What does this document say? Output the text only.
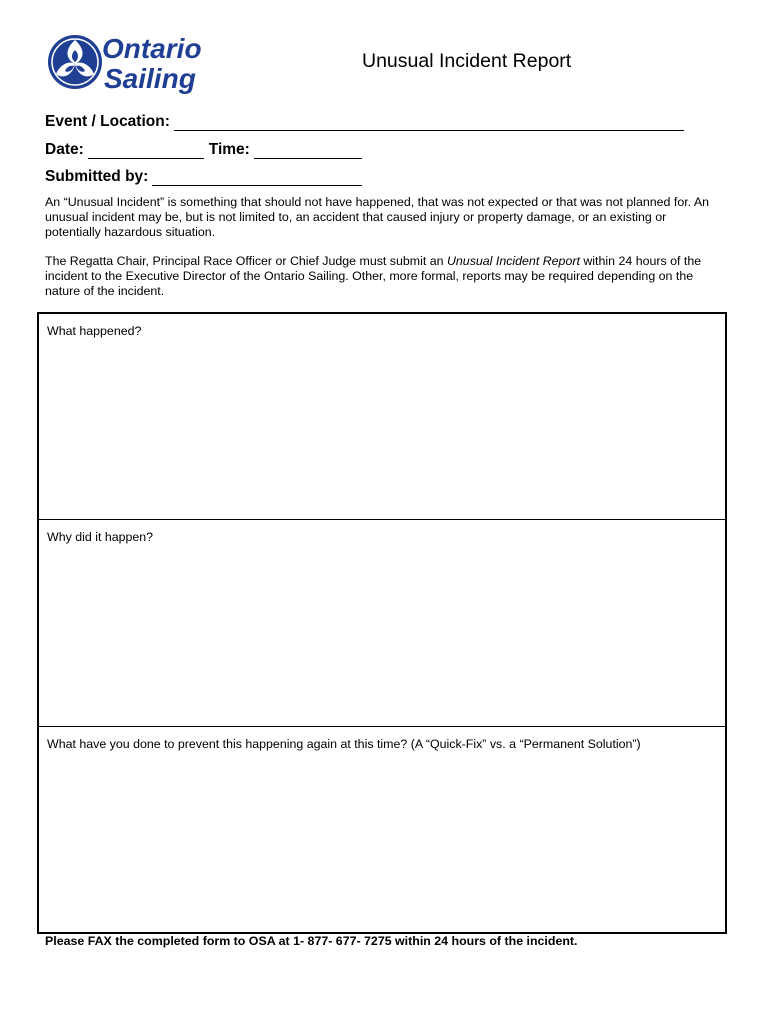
Ontario
Sailing
Unusual Incident Report
Event / Location:
Date:	Time:
Submitted by:

An “Unusual Incident” is something that should not have happened, that was not expected or that was not planned for. An unusual incident may be, but is not limited to, an accident that caused injury or property damage, or an existing or potentially hazardous situation.

The Regatta Chair, Principal Race Officer or Chief Judge must submit an Unusual Incident Report within 24 hours of the incident to the Executive Director of the Ontario Sailing. Other, more formal, reports may be required depending on the nature of the incident.

What happened?

Why did it happen?

What have you done to prevent this happening again at this time? (A “Quick-Fix” vs. a “Permanent Solution”)

Please FAX the completed form to OSA at 1- 877- 677- 7275 within 24 hours of the incident.
